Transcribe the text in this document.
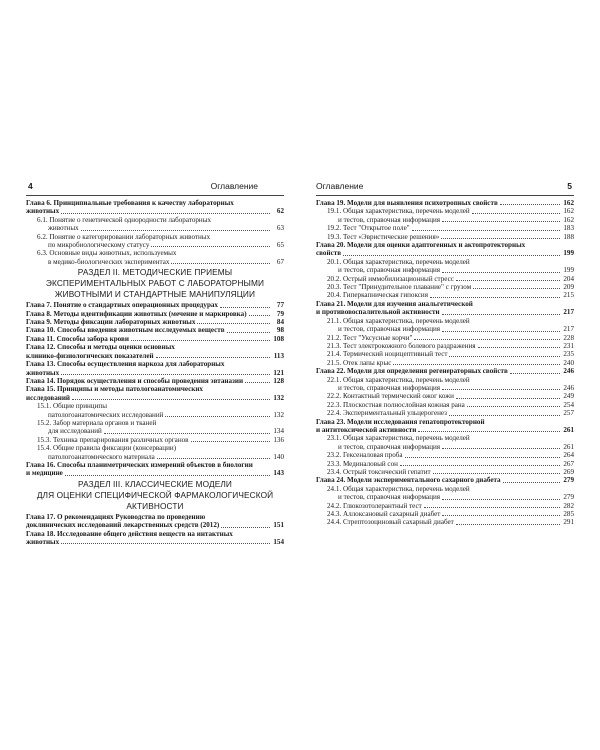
4	Оглавление
Глава 6. Принципиальные требования к качеству лабораторных
животных	62
6.1. Понятие о генетической однородности лабораторных
животных	63
6.2. Понятие о категорировании лабораторных животных
по микробиологическому статусу	65
6.3. Основные виды животных, используемых
в медико-биологических экспериментах	67
РАЗДЕЛ II. МЕТОДИЧЕСКИЕ ПРИЕМЫ
ЭКСПЕРИМЕНТАЛЬНЫХ РАБОТ С ЛАБОРАТОРНЫМИ
ЖИВОТНЫМИ И СТАНДАРТНЫЕ МАНИПУЛЯЦИИ
Глава 7. Понятие о стандартных операционных процедурах	77
Глава 8. Методы идентификации животных (мечение и маркировка)	79
Глава 9. Методы фиксации лабораторных животных	84
Глава 10. Способы введения животным исследуемых веществ	98
Глава 11. Способы забора крови	108
Глава 12. Способы и методы оценки основных
клинико-физиологических показателей	113
Глава 13. Способы осуществления наркоза для лабораторных
животных	121
Глава 14. Порядок осуществления и способы проведения эвтаназии	128
Глава 15. Принципы и методы патологоанатомических
исследований	132
15.1. Общие принципы
патологоанатомических исследований	132
15.2. Забор материала органов и тканей
для исследований	134
15.3. Техника препарирования различных органов	136
15.4. Общие правила фиксации (консервации)
патологоанатомического материала	140
Глава 16. Способы планиметрических измерений объектов в биологии
и медицине	143
РАЗДЕЛ III. КЛАССИЧЕСКИЕ МОДЕЛИ
ДЛЯ ОЦЕНКИ СПЕЦИФИЧЕСКОЙ ФАРМАКОЛОГИЧЕСКОЙ
АКТИВНОСТИ
Глава 17. О рекомендациях Руководства по проведению
доклинических исследований лекарственных средств (2012)	151
Глава 18. Исследование общего действия веществ на интактных
животных	154
Оглавление	5
Глава 19. Модели для выявления психотропных свойств	162
19.1. Общая характеристика, перечень моделей	162
и тестов, справочная информация	162
19.2. Тест "Открытое поле"	183
19.3. Тест «Эвристические решения»	188
Глава 20. Модели для оценки адаптогенных и актопротекторных
свойств	199
20.1. Общая характеристика, перечень моделей
и тестов, справочная информация	199
20.2. Острый иммобилизационный стресс	204
20.3. Тест "Принудительное плавание" с грузом	209
20.4. Гиперкапническая гипоксия	215
Глава 21. Модели для изучения анальгетической
и противовоспалительной активности	217
21.1. Общая характеристика, перечень моделей
и тестов, справочная информация	217
21.2. Тест "Уксусные корчи"	228
21.3. Тест электрокожного болевого раздражения	231
21.4. Термический ноцицептивный тест	235
21.5. Отек лапы крыс	240
Глава 22. Модели для определения регенераторных свойств	246
22.1. Общая характеристика, перечень моделей
и тестов, справочная информация	246
22.2. Контактный термический ожог кожи	249
22.3. Плоскостная полнослойная кожная рана	254
22.4. Экспериментальный ульцерогенез	257
Глава 23. Модели исследования гепатопротекторной
и антитоксической активности	261
23.1. Общая характеристика, перечень моделей
и тестов, справочная информация	261
23.2. Гексеналовая проба	264
23.3. Мединаловый сон	267
23.4. Острый токсический гепатит	269
Глава 24. Модели экспериментального сахарного диабета	279
24.1. Общая характеристика, перечень моделей
и тестов, справочная информация	279
24.2. Глюкозотолерантный тест	282
24.3. Аллоксановый сахарный диабет	285
24.4. Стрептозоциновый сахарный диабет	291
